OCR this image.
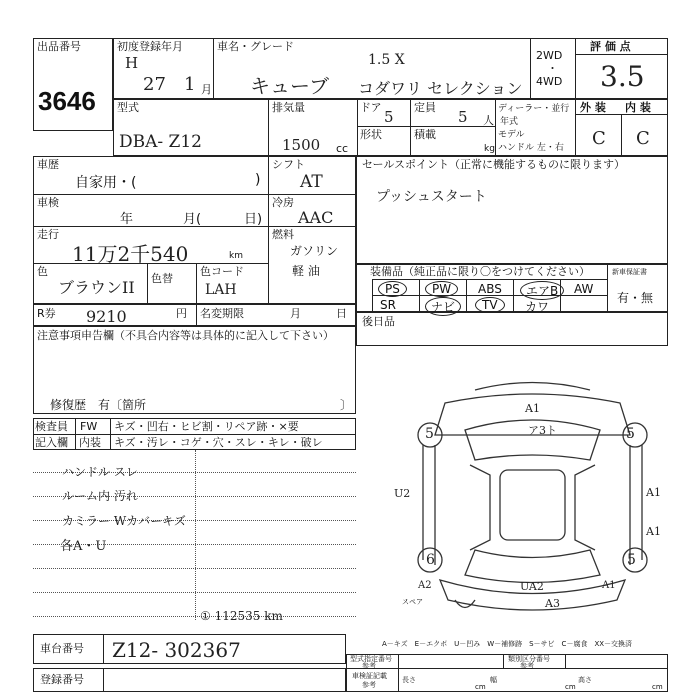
出品番号
3646
初度登録年月
H
27 1 月
車名・グレード
キューブ
1.5 X
コダワリ セレクション
2WD
・
4WD
評 価 点
3.5
型式
DBA- Z12
排気量
1500 cc
ドア
5
定員
5 人
ディーラー・並行
形状	積載
kg
年式
モデル
ハンドル 左・右
外 装 内 装
C C
車歴
自家用・(	)
シフト
AT
車検
年	月(	日)
冷房
AAC
走行
11万2千540	km
燃料
ガソリン
軽 油
色
ブラウンII 色替
色コード
LAH
セールスポイント（正常に機能するものに限ります）
プッシュスタート
装備品（純正品に限り〇をつけてください）	新車保証書
有・無
PS	PW	ABS	エアB	AW
SR	ナビ	TV	カワ
R券 9210	円 名変期限	月	日
注意事項申告欄（不具合内容等は具体的に記入して下さい）
修復歴　有〔箇所	〕
後日品
検査員 FW キズ・凹右・ヒビ割・リペア跡・×要
記入欄 内装 キズ・汚レ・コゲ・穴・スレ・キレ・破レ
ハンドル スレ
ルーム内 汚れ
カミラー Wカバーキズ
各A・U
① 112535 km
A1
ア3ト
5	5
U2	A1
A1
6	5
A2	UA2	A1
A3
スペア
A－キズ　E－エクボ　U－凹み　W－補修跡　S－サビ　C－腐食　XX－交換済
車台番号 Z12- 302367
登録番号
型式指定番号
参考
類別区分番号
参考
車検証記載
参考
長さ
cm
幅
cm
高さ
cm
